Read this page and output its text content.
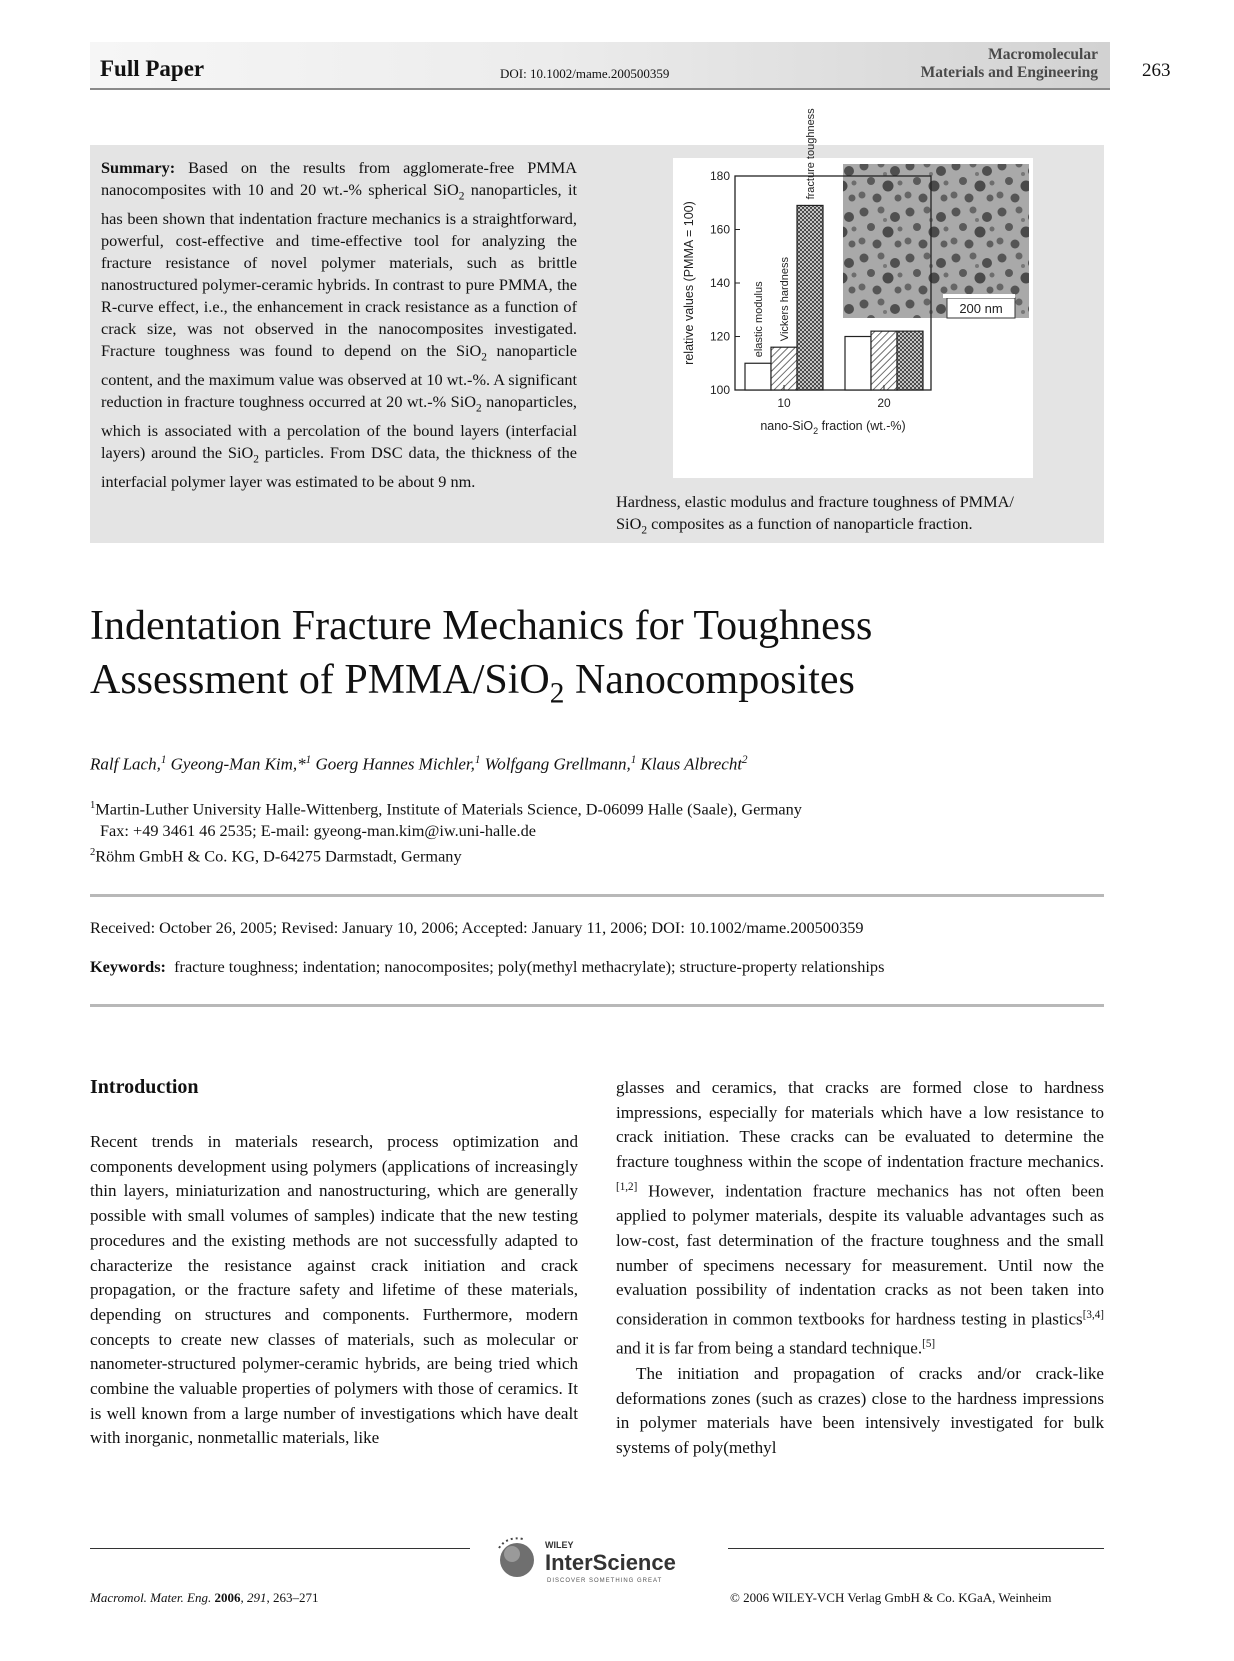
Full Paper	DOI: 10.1002/mame.200500359
Macromolecular
Materials and Engineering 263
Summary: Based on the results from agglomerate-free PMMA nanocomposites with 10 and 20 wt.-% spherical SiO$_2$ nanoparticles, it has been shown that indentation fracture mechanics is a straightforward, powerful, cost-effective and time-effective tool for analyzing the fracture resistance of novel polymer materials, such as brittle nanostructured polymer-ceramic hybrids. In contrast to pure PMMA, the R-curve effect, i.e., the enhancement in crack resistance as a function of crack size, was not observed in the nanocomposites investigated. Fracture toughness was found to depend on the SiO$_2$ nanoparticle content, and the maximum value was observed at 10 wt.-%. A significant reduction in fracture toughness occurred at 20 wt.-% SiO$_2$ nanoparticles, which is associated with a percolation of the bound layers (interfacial layers) around the SiO$_2$ particles. From DSC data, the thickness of the interfacial polymer layer was estimated to be about 9 nm.
200 nm
100
120
140
160
180
elastic modulus Vickers hardness
fracture toughness
10	20
relative values (PMMA = 100)
nano-SiO$_2$ fraction (wt.-%)
Hardness, elastic modulus and fracture toughness of PMMA/
SiO$_2$ composites as a function of nanoparticle fraction.
Indentation Fracture Mechanics for Toughness
Assessment of PMMA/SiO$_2$ Nanocomposites
Ralf Lach,$^1$ Gyeong-Man Kim,*$^1$ Goerg Hannes Michler,$^1$ Wolfgang Grellmann,$^1$ Klaus Albrecht$^2$
$^1$Martin-Luther University Halle-Wittenberg, Institute of Materials Science, D-06099 Halle (Saale), Germany
Fax: +49 3461 46 2535; E-mail: gyeong-man.kim@iw.uni-halle.de
$^2$Röhm GmbH & Co. KG, D-64275 Darmstadt, Germany
Received: October 26, 2005; Revised: January 10, 2006; Accepted: January 11, 2006; DOI: 10.1002/mame.200500359
Keywords: fracture toughness; indentation; nanocomposites; poly(methyl methacrylate); structure-property relationships
Introduction

Recent trends in materials research, process optimization and components development using polymers (applications of increasingly thin layers, miniaturization and nanostructuring, which are generally possible with small volumes of samples) indicate that the new testing procedures and the existing methods are not successfully adapted to characterize the resistance against crack initiation and crack propagation, or the fracture safety and lifetime of these materials, depending on structures and components. Furthermore, modern concepts to create new classes of materials, such as molecular or nanometer-structured polymer-ceramic hybrids, are being tried which combine the valuable properties of polymers with those of ceramics. It is well known from a large number of investigations which have dealt with inorganic, nonmetallic materials, like

glasses and ceramics, that cracks are formed close to hardness impressions, especially for materials which have a low resistance to crack initiation. These cracks can be evaluated to determine the fracture toughness within the scope of indentation fracture mechanics.[1,2] However, indentation fracture mechanics has not often been applied to polymer materials, despite its valuable advantages such as low-cost, fast determination of the fracture toughness and the small number of specimens necessary for measurement. Until now the evaluation possibility of indentation cracks as not been taken into consideration in common textbooks for hardness testing in plastics[3,4] and it is far from being a standard technique.[5]

The initiation and propagation of cracks and/or crack-like deformations zones (such as crazes) close to the hardness impressions in polymer materials have been intensively investigated for bulk systems of poly(methyl

Macromol. Mater. Eng. 2006, 291, 263–271
WILEY
InterScience
DISCOVER SOMETHING GREAT
© 2006 WILEY-VCH Verlag GmbH & Co. KGaA, Weinheim
